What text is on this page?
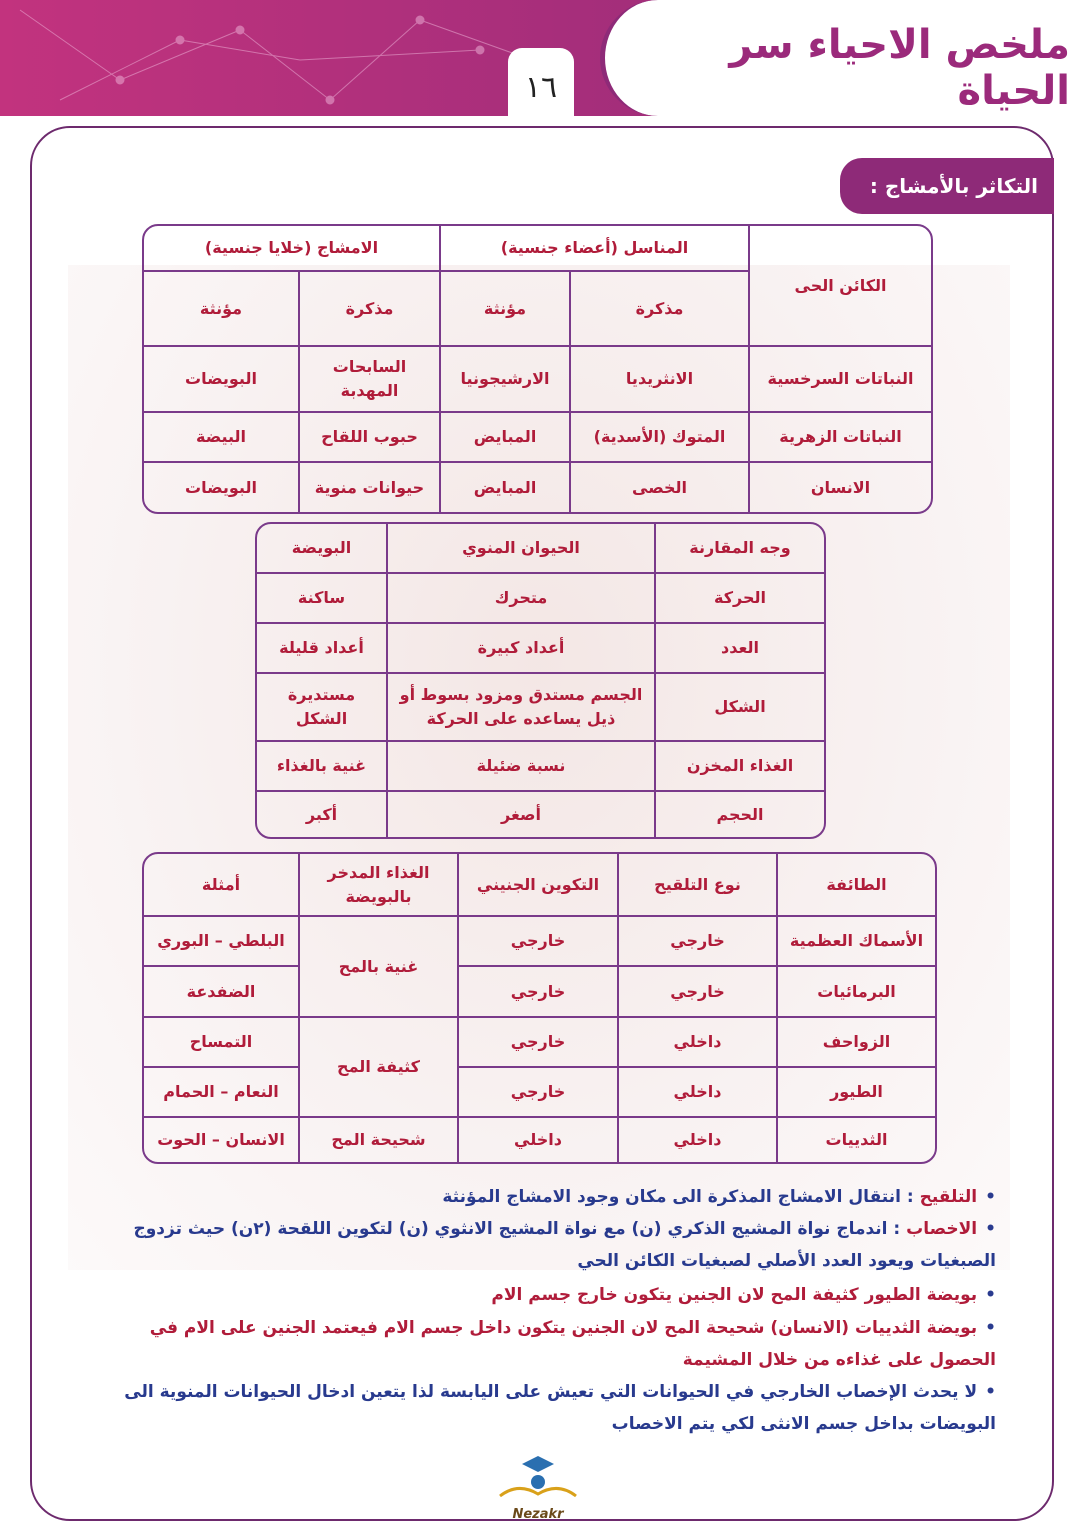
١٦
ملخص الاحياء سر الحياة
التكاثر بالأمشاج :
الكائن الحى	المناسل (أعضاء جنسية)		الامشاج (خلايا جنسية)	
	مذكرة	مؤنثة	مذكرة	مؤنثة
النباتات السرخسية	الانثريديا	الارشيجونيا	السابحات المهدبة	البويضات
النباتات الزهرية	المتوك (الأسدية)	المبايض	حبوب اللقاح	البيضة
الانسان	الخصى	المبايض	حيوانات منوية	البويضات
وجه المقارنة	الحيوان المنوي	البويضة
الحركة	متحرك	ساكنة
العدد	أعداد كبيرة	أعداد قليلة
الشكل	الجسم مستدق ومزود بسوط أو ذيل يساعده على الحركة	مستديرة الشكل
الغذاء المخزن	نسبة ضئيلة	غنية بالغذاء
الحجم	أصغر	أكبر
الطائفة	نوع التلقيح	التكوين الجنيني	الغذاء المدخر بالبويضة	أمثلة
الأسماك العظمية	خارجي	خارجي	غنية بالمح	البلطي – البوري
البرمائيات	خارجي	خارجي		الضفدعة
الزواحف	داخلي	خارجي	كثيفة المح	التمساح
الطيور	داخلي	خارجي		النعام – الحمام
الثدييات	داخلي	داخلي	شحيحة المح	الانسان – الحوت
•التلقيح : انتقال الامشاج المذكرة الى مكان وجود الامشاج المؤنثة
•الاخصاب : اندماج نواة المشيج الذكري (ن) مع نواة المشيج الانثوي (ن) لتكوين اللقحة (٢ن) حيث تزدوج الصبغيات ويعود العدد الأصلي لصبغيات الكائن الحي
•بويضة الطيور كثيفة المح لان الجنين يتكون خارج جسم الام
•بويضة الثدييات (الانسان) شحيحة المح لان الجنين يتكون داخل جسم الام فيعتمد الجنين على الام في الحصول على غذاءه من خلال المشيمة
•لا يحدث الإخصاب الخارجي في الحيوانات التي تعيش على اليابسة لذا يتعين ادخال الحيوانات المنوية الى البويضات بداخل جسم الانثى لكي يتم الاخصاب
Nezakr
